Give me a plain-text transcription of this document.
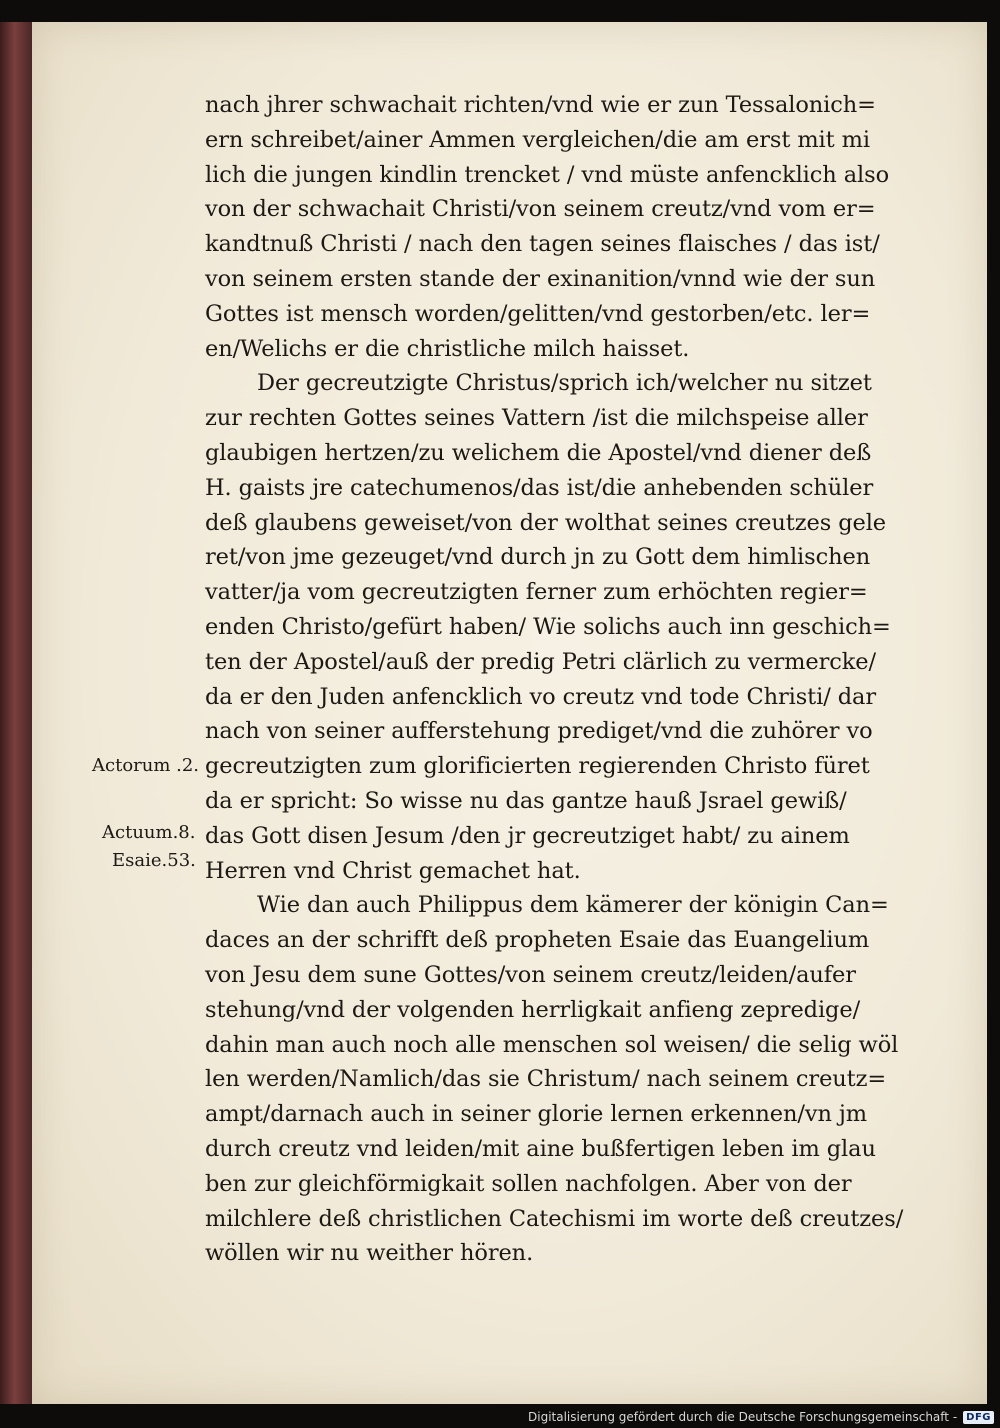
nach jhrer schwachait richten/vnd wie er zun Tessalonich=
ern schreibet/ainer Ammen vergleichen/die am erst mit mi
lich die jungen kindlin trencket / vnd müste anfencklich also
von der schwachait Christi/von seinem creutz/vnd vom er=
kandtnuß Christi / nach den tagen seines flaisches / das ist/
von seinem ersten stande der exinanition/vnnd wie der sun
Gottes ist mensch worden/gelitten/vnd gestorben/etc. ler=
en/Welichs er die christliche milch haisset.
Der gecreutzigte Christus/sprich ich/welcher nu sitzet
zur rechten Gottes seines Vattern /ist die milchspeise aller
glaubigen hertzen/zu welichem die Apostel/vnd diener deß
H. gaists jre catechumenos/das ist/die anhebenden schüler
deß glaubens geweiset/von der wolthat seines creutzes gele
ret/von jme gezeuget/vnd durch jn zu Gott dem himlischen
vatter/ja vom gecreutzigten ferner zum erhöchten regier=
enden Christo/gefürt haben/ Wie solichs auch inn geschich=
ten der Apostel/auß der predig Petri clärlich zu vermercke/
da er den Juden anfencklich vo creutz vnd tode Christi/ dar
nach von seiner aufferstehung prediget/vnd die zuhörer vo
gecreutzigten zum glorificierten regierenden Christo füret
da er spricht: So wisse nu das gantze hauß Jsrael gewiß/
das Gott disen Jesum /den jr gecreutziget habt/ zu ainem
Herren vnd Christ gemachet hat.
Wie dan auch Philippus dem kämerer der königin Can=
daces an der schrifft deß propheten Esaie das Euangelium
von Jesu dem sune Gottes/von seinem creutz/leiden/aufer
stehung/vnd der volgenden herrligkait anfieng zepredige/
dahin man auch noch alle menschen sol weisen/ die selig wöl
len werden/Namlich/das sie Christum/ nach seinem creutz=
ampt/darnach auch in seiner glorie lernen erkennen/vn jm
durch creutz vnd leiden/mit aine bußfertigen leben im glau
ben zur gleichförmigkait sollen nachfolgen. Aber von der
milchlere deß christlichen Catechismi im worte deß creutzes/
wöllen wir nu weither hören.
Actorum .2.
Actuum.8.
Esaie.53.
Digitalisierung gefördert durch die Deutsche Forschungsgemeinschaft - DFG
